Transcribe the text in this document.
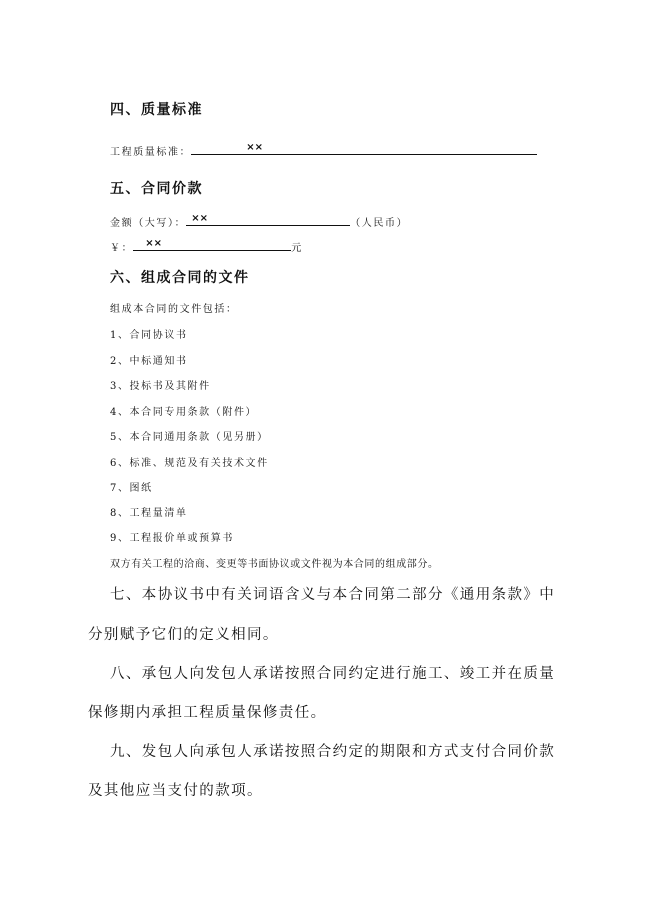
四、质量标准
工程质量标准：	××
五、合同价款
金额（大写）： ××	（人民币）
￥： ××	元
六、组成合同的文件
组成本合同的文件包括：
1、合同协议书
2、中标通知书
3、投标书及其附件
4、本合同专用条款（附件）
5、本合同通用条款（见另册）
6、标准、规范及有关技术文件
7、图纸
8、工程量清单
9、工程报价单或预算书
双方有关工程的洽商、变更等书面协议或文件视为本合同的组成部分。
七、本协议书中有关词语含义与本合同第二部分《通用条款》中
分别赋予它们的定义相同。
八、承包人向发包人承诺按照合同约定进行施工、竣工并在质量
保修期内承担工程质量保修责任。
九、发包人向承包人承诺按照合约定的期限和方式支付合同价款
及其他应当支付的款项。
